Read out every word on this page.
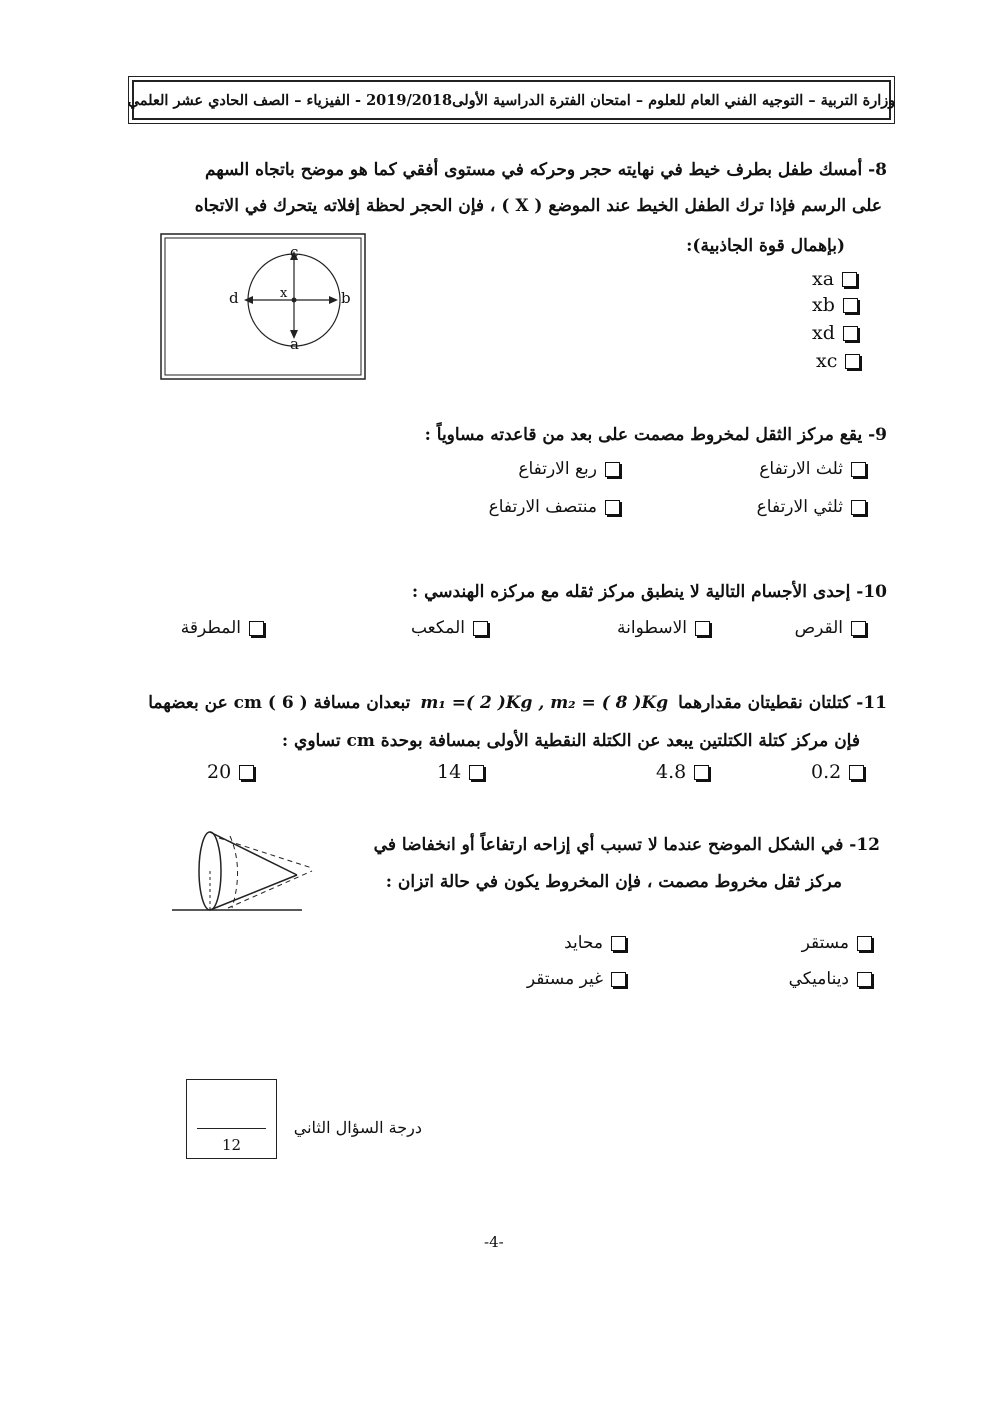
وزارة التربية – التوجيه الفني العام للعلوم – امتحان الفترة الدراسية الأولى2019/2018 - الفيزياء – الصف الحادي عشر العلمي
8- أمسك طفل بطرف خيط في نهايته حجر وحركه في مستوى أفقي كما هو موضح باتجاه السهم
على الرسم فإذا ترك الطفل الخيط عند الموضع ( X ) ، فإن الحجر لحظة إفلاته يتحرك في الاتجاه
(بإهمال قوة الجاذبية):
c
d	x	b
a
xa
xb
xd
xc
9- يقع مركز الثقل لمخروط مصمت على بعد من قاعدته مساوياً :
ثلث الارتفاع
ربع الارتفاع
ثلثي الارتفاع
منتصف الارتفاع
10- إحدى الأجسام التالية لا ينطبق مركز ثقله مع مركزه الهندسي :
القرص
الاسطوانة
المكعب
المطرقة
11- كتلتان نقطيتان مقدارهما
m₁ =( 2 )Kg , m₂ = ( 8 )Kg
تبعدان مسافة cm ( 6 ) عن بعضهما
فإن مركز كتلة الكتلتين يبعد عن الكتلة النقطية الأولى بمسافة بوحدة cm تساوي :
0.2
4.8
14
20
12- في الشكل الموضح عندما لا تسبب أي إزاحه ارتفاعاً أو انخفاضا في
مركز ثقل مخروط مصمت ، فإن المخروط يكون في حالة اتزان :
مستقر
محايد
ديناميكي
غير مستقر
درجة السؤال الثاني
12
-4-
